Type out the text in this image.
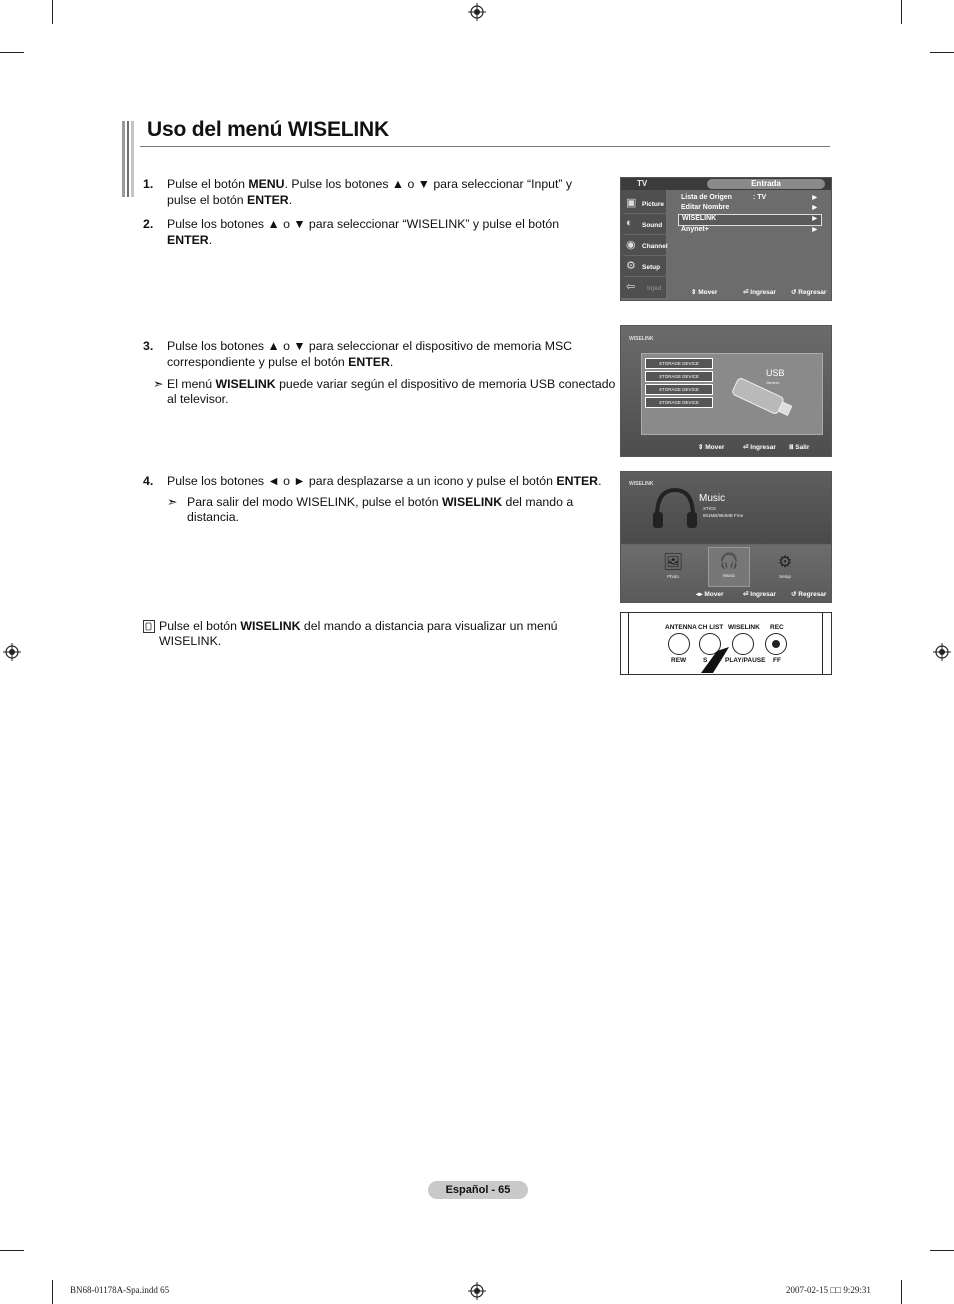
Uso del menú WISELINK
1. Pulse el botón MENU. Pulse los botones ▲ o ▼ para seleccionar “Input” y
pulse el botón ENTER.
2. Pulse los botones ▲ o ▼ para seleccionar “WISELINK” y pulse el botón
ENTER.
3. Pulse los botones ▲ o ▼ para seleccionar el dispositivo de memoria MSC
correspondiente y pulse el botón ENTER.
➣ El menú WISELINK puede variar según el dispositivo de memoria USB conectado
al televisor.
4. Pulse los botones ◄ o ► para desplazarse a un icono y pulse el botón ENTER.
➣ Para salir del modo WISELINK, pulse el botón WISELINK del mando a
distancia.
Pulse el botón WISELINK del mando a distancia para visualizar un menú
WISELINK.
TV	Entrada
▣ Picture
◐ Sound
◉ Channel
⚙ Setup
⇦ Input
Lista de Origen	: TV	▶
Editar Nombre	▶
WISELINK	▶
Anynet+	▶
⇕ Mover	⏎ Ingresar ↺ Regresar
WISELINK
STORAGE DEVICE
STORAGE DEVICE
STORAGE DEVICE
STORAGE DEVICE
USB
Genero
⇕ Mover	⏎ Ingresar Ⅲ Salir
WISELINK
Music
XTICK
801MB/984MB Free
🖼
Photo
🎧
Music
⚙
Setup
◂▸ Mover	⏎ Ingresar ↺ Regresar
ANTENNA CH LIST WISELINK REC
REW	S	PLAY/PAUSE FF
Español - 65
BN68-01178A-Spa.indd 65	2007-02-15 □□ 9:29:31
